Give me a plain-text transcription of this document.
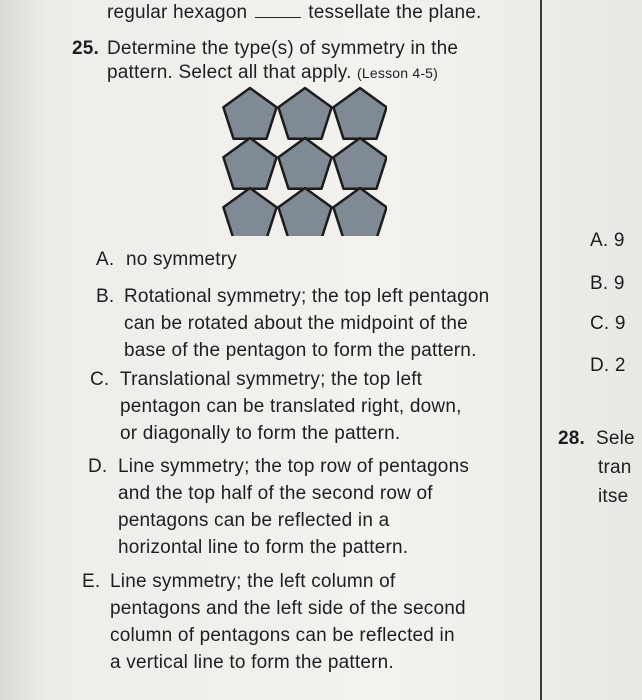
regular hexagon	tessellate the plane.
25. Determine the type(s) of symmetry in the
pattern. Select all that apply. (Lesson 4-5)
A. no symmetry
B. Rotational symmetry; the top left pentagon
can be rotated about the midpoint of the
base of the pentagon to form the pattern.
C. Translational symmetry; the top left
pentagon can be translated right, down,
or diagonally to form the pattern.
D. Line symmetry; the top row of pentagons
and the top half of the second row of
pentagons can be reflected in a
horizontal line to form the pattern.
E. Line symmetry; the left column of
pentagons and the left side of the second
column of pentagons can be reflected in
a vertical line to form the pattern.
A. 9
B. 9
C. 9
D. 2
28. Sele
tran
itse
